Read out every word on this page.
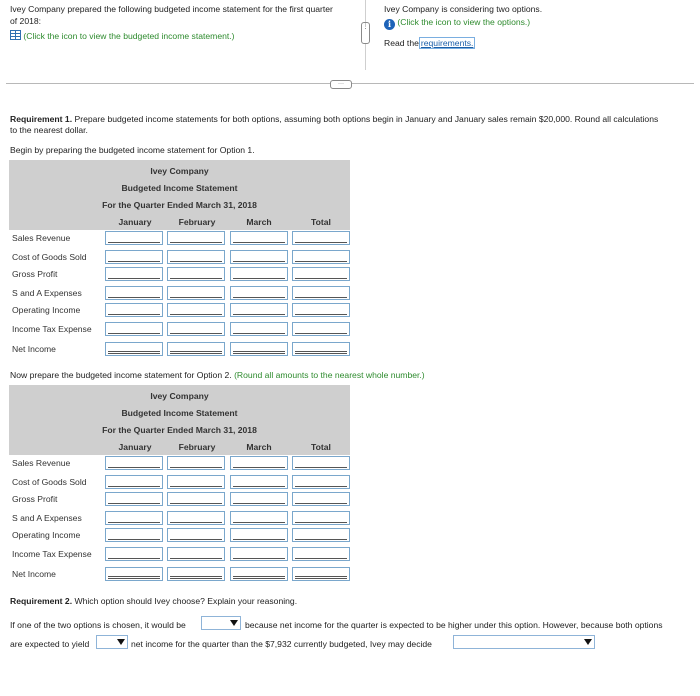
Ivey Company prepared the following budgeted income statement for the first quarter
of 2018:
(Click the icon to view the budgeted income statement.)
⋮
Ivey Company is considering two options.
i (Click the icon to view the options.)
Read the requirements.
···
Requirement 1. Prepare budgeted income statements for both options, assuming both options begin in January and January sales remain $20,000. Round all calculations
to the nearest dollar.
Begin by preparing the budgeted income statement for Option 1.
Ivey Company
Budgeted Income Statement
For the Quarter Ended March 31, 2018
January	February	March	Total
Sales Revenue
Cost of Goods Sold
Gross Profit
S and A Expenses
Operating Income
Income Tax Expense
Net Income
Now prepare the budgeted income statement for Option 2. (Round all amounts to the nearest whole number.)
Ivey Company
Budgeted Income Statement
For the Quarter Ended March 31, 2018
January	February	March	Total
Sales Revenue
Cost of Goods Sold
Gross Profit
S and A Expenses
Operating Income
Income Tax Expense
Net Income
Requirement 2. Which option should Ivey choose? Explain your reasoning.
If one of the two options is chosen, it would be	because net income for the quarter is expected to be higher under this option. However, because both options
are expected to yield	net income for the quarter than the $7,932 currently budgeted, Ivey may decide
